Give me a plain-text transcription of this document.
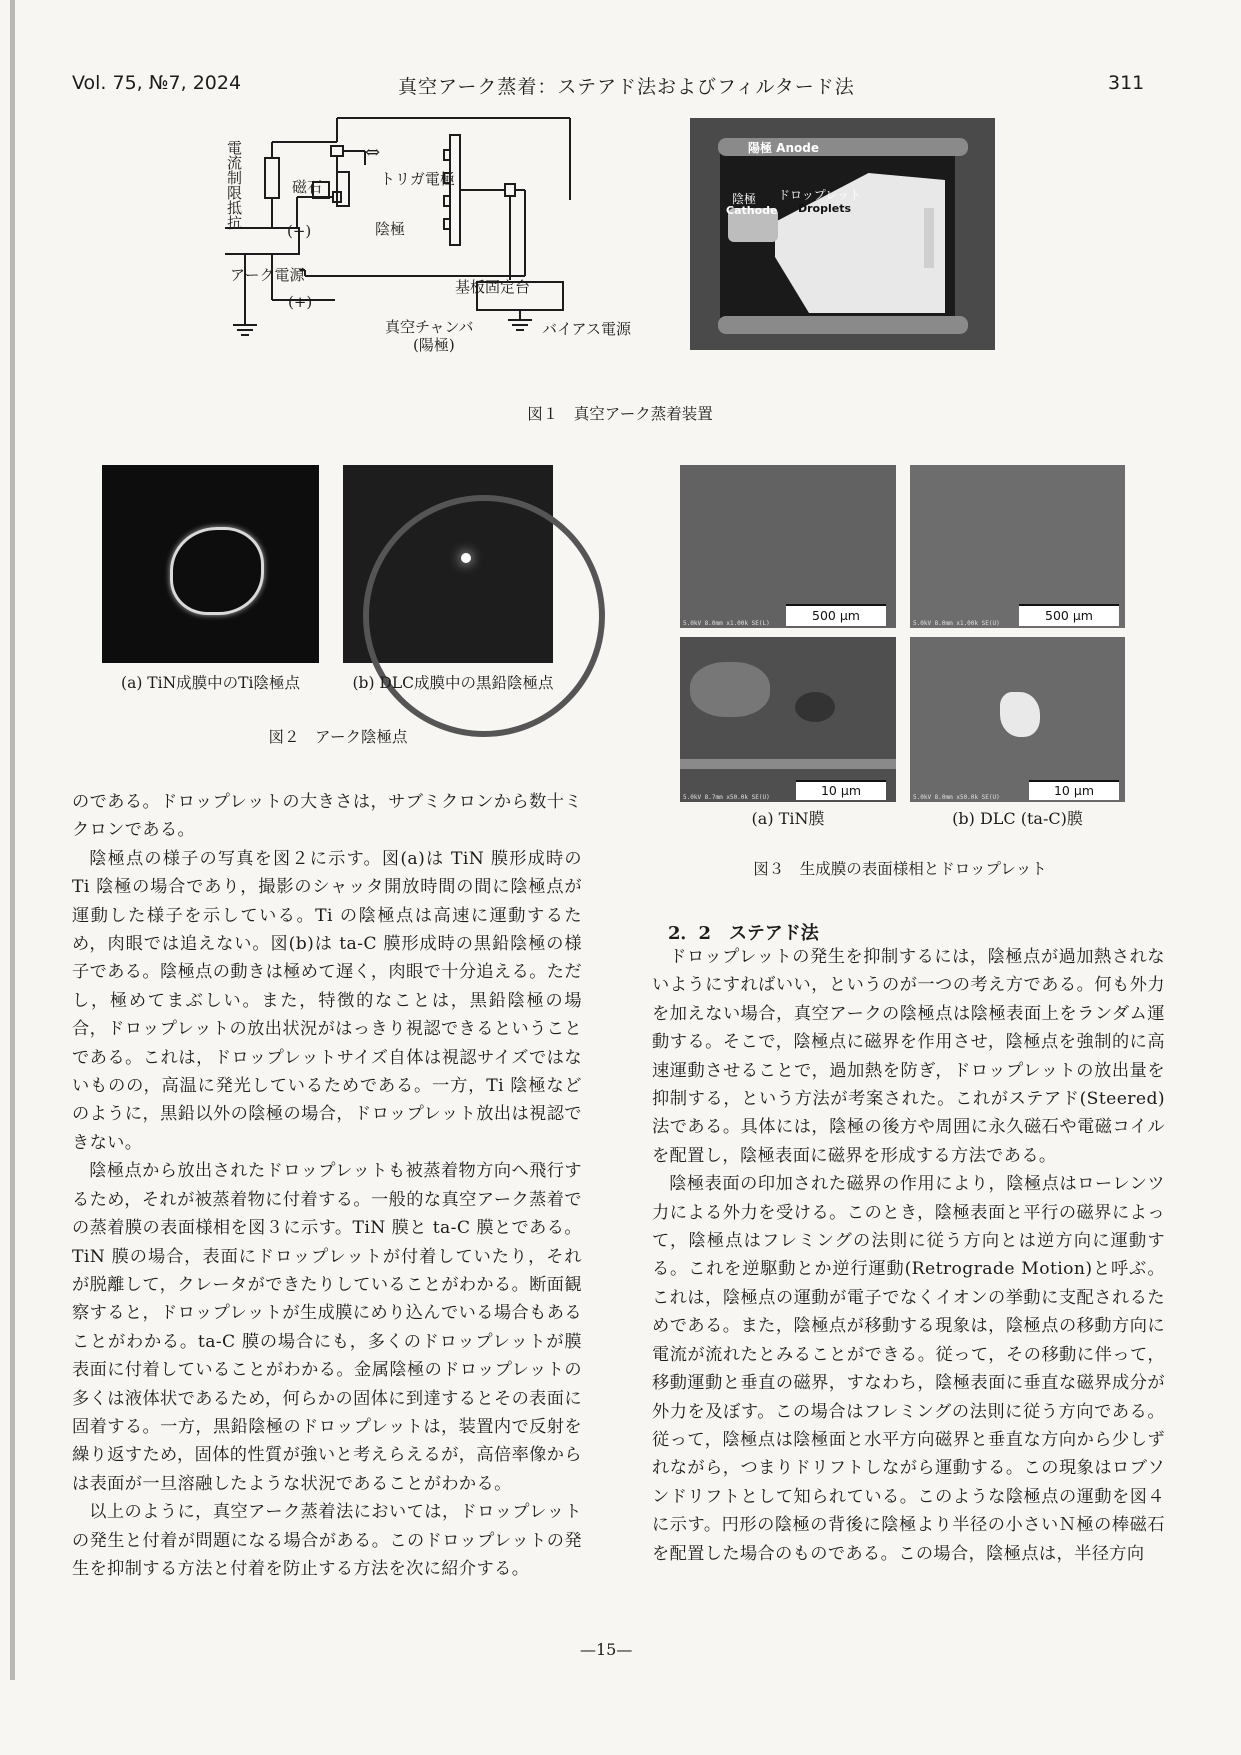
Vol. 75, №7, 2024	真空アーク蒸着：ステアド法およびフィルタード法	311
電流制限抵抗	磁石
(−)
⇔
トリガ電極
陰極
アーク電源
(+)
基板固定台
真空チャンバ
(陽極)
バイアス電源
陽極 Anode
ドロップレット
Droplets
陰極
Cathode
図１　真空アーク蒸着装置
(a) TiN成膜中のTi陰極点	(b) DLC成膜中の黒鉛陰極点
図２　アーク陰極点
500 μm
5.0kV 8.0mm x1.00k SE(L)
500 μm
5.0kV 8.0mm x1.00k SE(U)
10 μm
5.0kV 8.7mm x50.0k SE(U)	10 μm
5.0kV 8.0mm x50.0k SE(U)
(a) TiN膜	(b) DLC (ta-C)膜
図３　生成膜の表面様相とドロップレット

のである。ドロップレットの大きさは，サブミクロンから数十ミクロンである。

陰極点の様子の写真を図２に示す。図(a)は TiN 膜形成時の Ti 陰極の場合であり，撮影のシャッタ開放時間の間に陰極点が運動した様子を示している。Ti の陰極点は高速に運動するため，肉眼では追えない。図(b)は ta-C 膜形成時の黒鉛陰極の様子である。陰極点の動きは極めて遅く，肉眼で十分追える。ただし，極めてまぶしい。また，特徴的なことは，黒鉛陰極の場合，ドロップレットの放出状況がはっきり視認できるということである。これは，ドロップレットサイズ自体は視認サイズではないものの，高温に発光しているためである。一方，Ti 陰極などのように，黒鉛以外の陰極の場合，ドロップレット放出は視認できない。

陰極点から放出されたドロップレットも被蒸着物方向へ飛行するため，それが被蒸着物に付着する。一般的な真空アーク蒸着での蒸着膜の表面様相を図３に示す。TiN 膜と ta-C 膜とである。TiN 膜の場合，表面にドロップレットが付着していたり，それが脱離して，クレータができたりしていることがわかる。断面観察すると，ドロップレットが生成膜にめり込んでいる場合もあることがわかる。ta-C 膜の場合にも，多くのドロップレットが膜表面に付着していることがわかる。金属陰極のドロップレットの多くは液体状であるため，何らかの固体に到達するとその表面に固着する。一方，黒鉛陰極のドロップレットは，装置内で反射を繰り返すため，固体的性質が強いと考えらえるが，高倍率像からは表面が一旦溶融したような状況であることがわかる。

以上のように，真空アーク蒸着法においては，ドロップレットの発生と付着が問題になる場合がある。このドロップレットの発生を抑制する方法と付着を防止する方法を次に紹介する。

2．2　ステアド法

ドロップレットの発生を抑制するには，陰極点が過加熱されないようにすればいい，というのが一つの考え方である。何も外力を加えない場合，真空アークの陰極点は陰極表面上をランダム運動する。そこで，陰極点に磁界を作用させ，陰極点を強制的に高速運動させることで，過加熱を防ぎ，ドロップレットの放出量を抑制する，という方法が考案された。これがステアド(Steered)法である。具体には，陰極の後方や周囲に永久磁石や電磁コイルを配置し，陰極表面に磁界を形成する方法である。

陰極表面の印加された磁界の作用により，陰極点はローレンツ力による外力を受ける。このとき，陰極表面と平行の磁界によって，陰極点はフレミングの法則に従う方向とは逆方向に運動する。これを逆駆動とか逆行運動(Retrograde Motion)と呼ぶ。これは，陰極点の運動が電子でなくイオンの挙動に支配されるためである。また，陰極点が移動する現象は，陰極点の移動方向に電流が流れたとみることができる。従って，その移動に伴って，移動運動と垂直の磁界，すなわち，陰極表面に垂直な磁界成分が外力を及ぼす。この場合はフレミングの法則に従う方向である。従って，陰極点は陰極面と水平方向磁界と垂直な方向から少しずれながら，つまりドリフトしながら運動する。この現象はロブソンドリフトとして知られている。このような陰極点の運動を図４に示す。円形の陰極の背後に陰極より半径の小さいＮ極の棒磁石を配置した場合のものである。この場合，陰極点は，半径方向

—15—
